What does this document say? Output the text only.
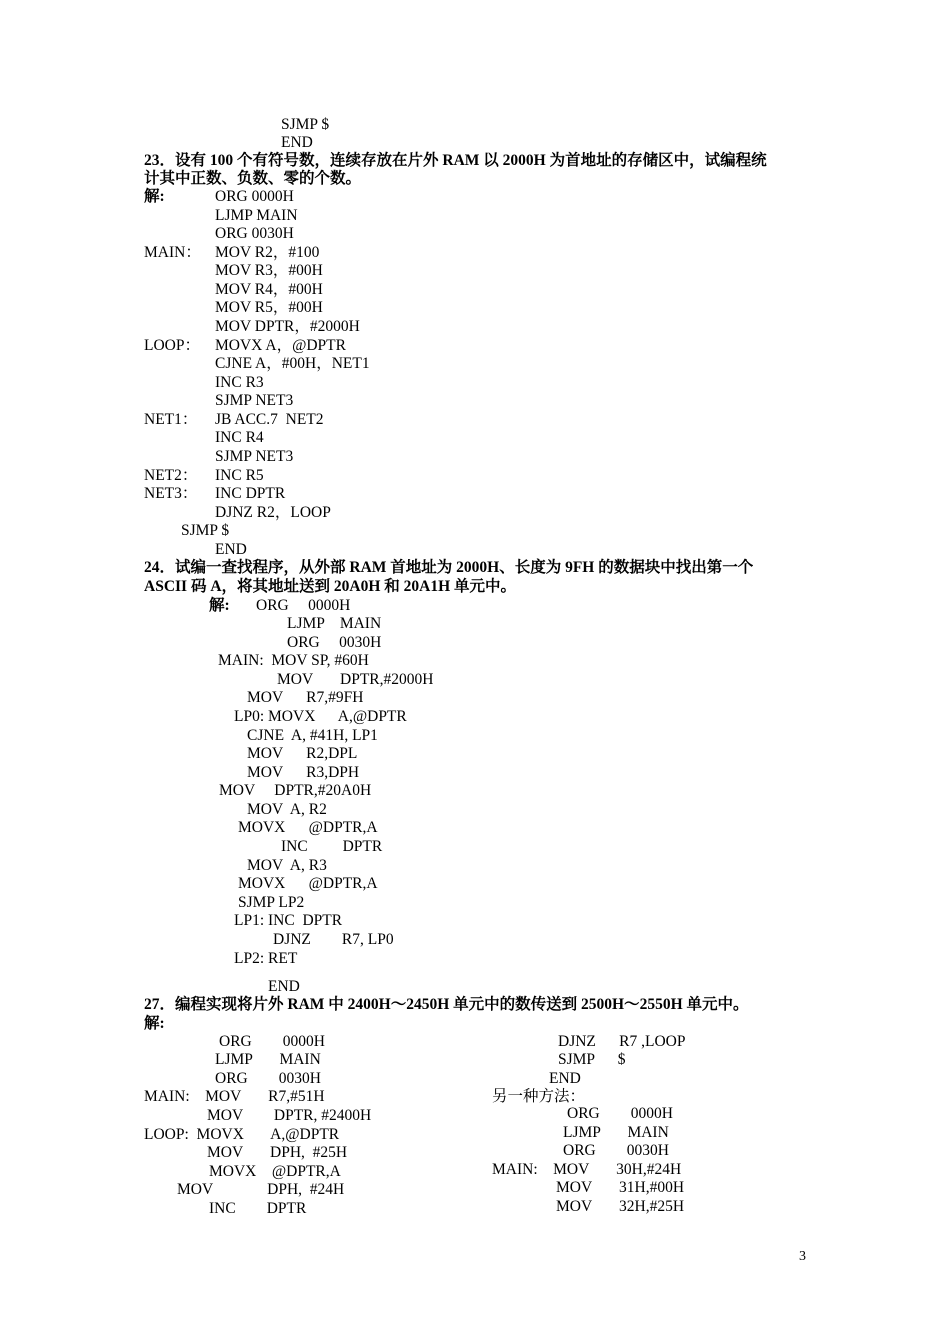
SJMP $
END
23．设有 100 个有符号数，连续存放在片外 RAM 以 2000H 为首地址的存储区中，试编程统
计其中正数、负数、零的个数。
解:	ORG 0000H
LJMP MAIN
ORG 0030H
MAIN： MOV R2，#100
MOV R3，#00H
MOV R4，#00H
MOV R5，#00H
MOV DPTR，#2000H
LOOP： MOVX A，@DPTR
CJNE A，#00H，NET1
INC R3
SJMP NET3
NET1： JB ACC.7  NET2
INC R4
SJMP NET3
NET2： INC R5
NET3： INC DPTR
DJNZ R2，LOOP
SJMP $
END
24．试编一查找程序，从外部 RAM 首地址为 2000H、长度为 9FH 的数据块中找出第一个
ASCII 码 A，将其地址送到 20A0H 和 20A1H 单元中。
解: ORG     0000H
LJMP    MAIN
ORG     0030H
MAIN:  MOV SP, #60H
MOV       DPTR,#2000H
MOV      R7,#9FH
LP0: MOVX      A,@DPTR
CJNE  A, #41H, LP1
MOV      R2,DPL
MOV      R3,DPH
MOV     DPTR,#20A0H
MOV  A, R2
MOVX      @DPTR,A
INC         DPTR
MOV  A, R3
MOVX      @DPTR,A
SJMP LP2
LP1: INC  DPTR
DJNZ        R7, LP0
LP2: RET
END
27．编程实现将片外 RAM 中 2400H～2450H 单元中的数传送到 2500H～2550H 单元中。
解:
ORG        0000H
LJMP       MAIN
ORG        0030H
MAIN:    MOV       R7,#51H
MOV        DPTR, #2400H
LOOP:  MOVX       A,@DPTR
MOV       DPH,  #25H
MOVX    @DPTR,A
MOV              DPH,  #24H
INC        DPTR
DJNZ      R7 ,LOOP
SJMP      $
END
另一种方法：
ORG        0000H
LJMP       MAIN
ORG        0030H
MAIN:    MOV       30H,#24H
MOV       31H,#00H
MOV       32H,#25H
3
